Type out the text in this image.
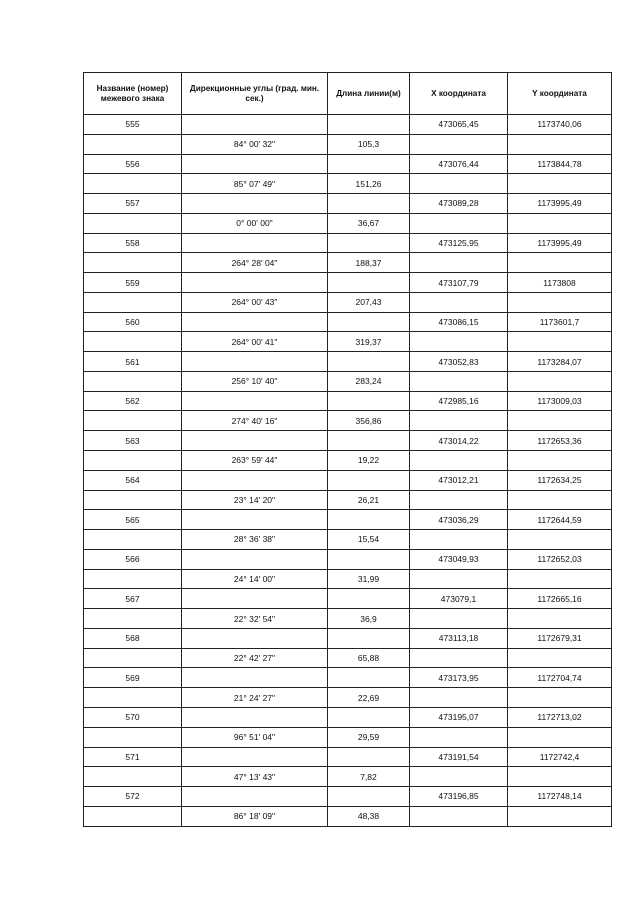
Название (номер) межевого знака	Дирекционные углы (град. мин. сек.)	Длина линии(м)	X координата	Y координата
555			473065,45	1173740,06
	84° 00' 32"	105,3		
556			473076,44	1173844,78
	85° 07' 49"	151,26		
557			473089,28	1173995,49
	0° 00' 00"	36,67		
558			473125,95	1173995,49
	264° 28' 04"	188,37		
559			473107,79	1173808
	264° 00' 43"	207,43		
560			473086,15	1173601,7
	264° 00' 41"	319,37		
561			473052,83	1173284,07
	256° 10' 40"	283,24		
562			472985,16	1173009,03
	274° 40' 16"	356,86		
563			473014,22	1172653,36
	263° 59' 44"	19,22		
564			473012,21	1172634,25
	23° 14' 20"	26,21		
565			473036,29	1172644,59
	28° 36' 38"	15,54		
566			473049,93	1172652,03
	24° 14' 00"	31,99		
567			473079,1	1172665,16
	22° 32' 54"	36,9		
568			473113,18	1172679,31
	22° 42' 27"	65,88		
569			473173,95	1172704,74
	21° 24' 27"	22,69		
570			473195,07	1172713,02
	96° 51' 04"	29,59		
571			473191,54	1172742,4
	47° 13' 43"	7,82		
572			473196,85	1172748,14
	86° 18' 09"	48,38		
